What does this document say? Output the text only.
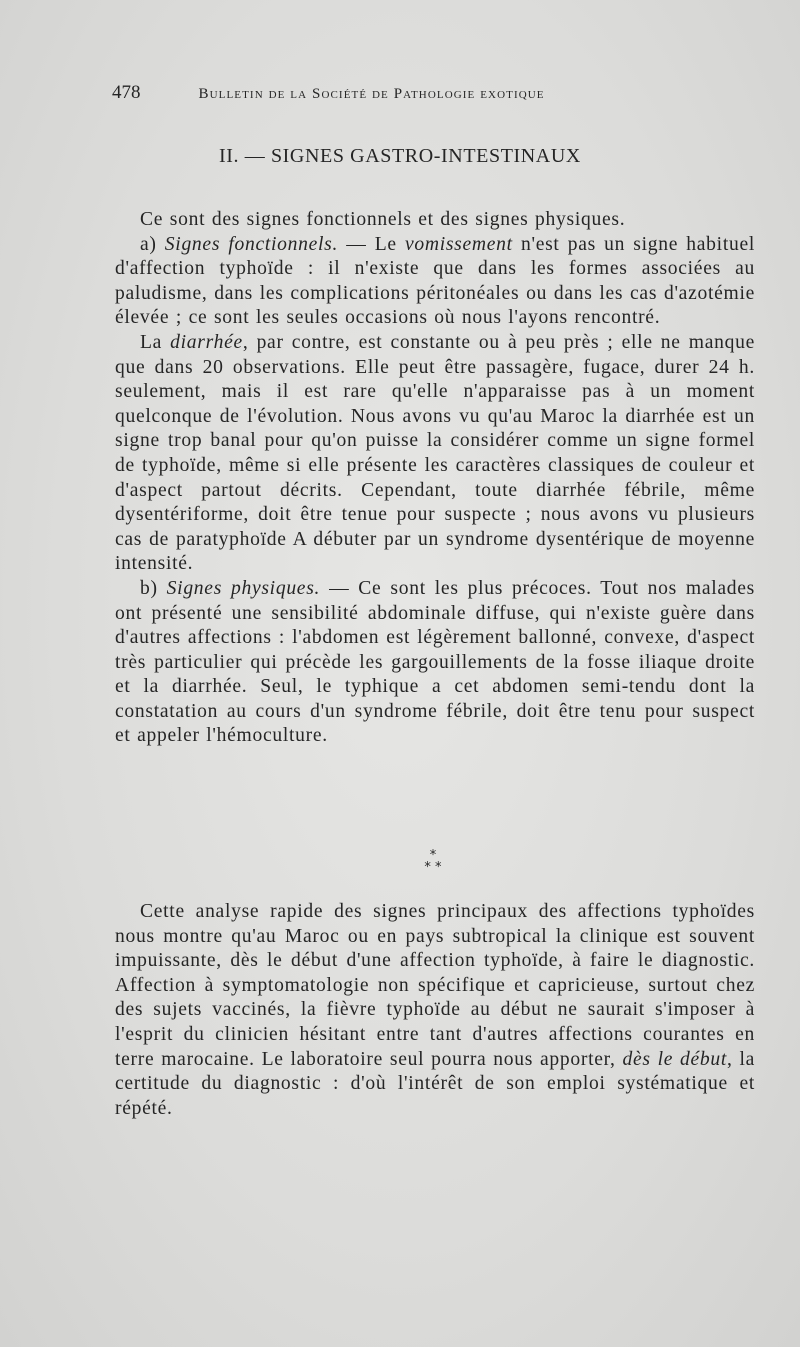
478	Bulletin de la Société de Pathologie exotique
II. — SIGNES GASTRO-INTESTINAUX

Ce sont des signes fonctionnels et des signes physiques.

a) Signes fonctionnels. — Le vomissement n'est pas un signe habituel d'affection typhoïde : il n'existe que dans les formes associées au paludisme, dans les complications péritonéales ou dans les cas d'azotémie élevée ; ce sont les seules occasions où nous l'ayons rencontré.

La diarrhée, par contre, est constante ou à peu près ; elle ne manque que dans 20 observations. Elle peut être passagère, fugace, durer 24 h. seulement, mais il est rare qu'elle n'apparaisse pas à un moment quelconque de l'évolution. Nous avons vu qu'au Maroc la diarrhée est un signe trop banal pour qu'on puisse la considérer comme un signe formel de typhoïde, même si elle présente les caractères classiques de couleur et d'aspect partout décrits. Cependant, toute diarrhée fébrile, même dysentériforme, doit être tenue pour suspecte ; nous avons vu plusieurs cas de paratyphoïde A débuter par un syndrome dysentérique de moyenne intensité.

b) Signes physiques. — Ce sont les plus précoces. Tout nos malades ont présenté une sensibilité abdominale diffuse, qui n'existe guère dans d'autres affections : l'abdomen est légèrement ballonné, convexe, d'aspect très particulier qui précède les gargouillements de la fosse iliaque droite et la diarrhée. Seul, le typhique a cet abdomen semi-tendu dont la constatation au cours d'un syndrome fébrile, doit être tenu pour suspect et appeler l'hémoculture.

*
* *

Cette analyse rapide des signes principaux des affections typhoïdes nous montre qu'au Maroc ou en pays subtropical la clinique est souvent impuissante, dès le début d'une affection typhoïde, à faire le diagnostic. Affection à symptomatologie non spécifique et capricieuse, surtout chez des sujets vaccinés, la fièvre typhoïde au début ne saurait s'imposer à l'esprit du clinicien hésitant entre tant d'autres affections courantes en terre marocaine. Le laboratoire seul pourra nous apporter, dès le début, la certitude du diagnostic : d'où l'intérêt de son emploi systématique et répété.
